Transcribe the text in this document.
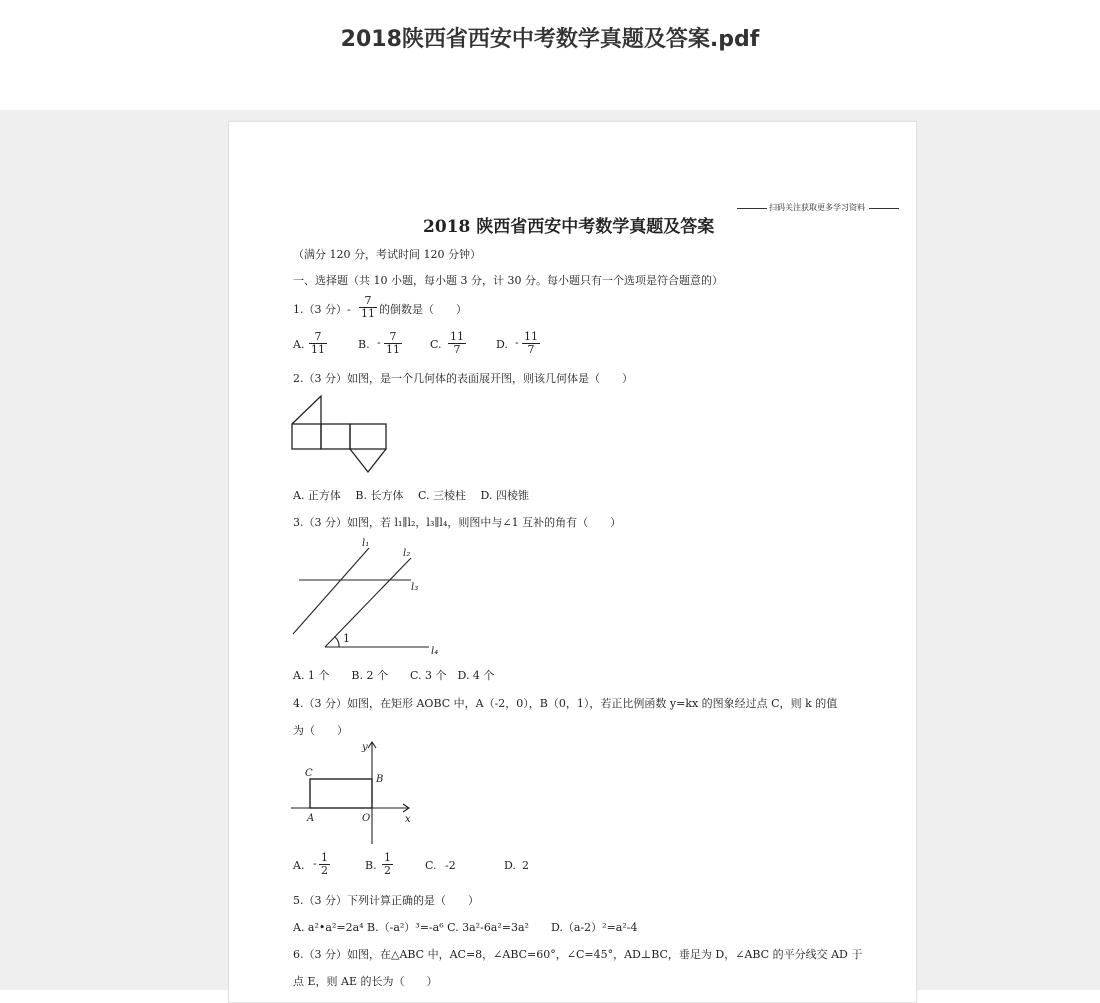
2018陕西省西安中考数学真题及答案.pdf
扫码关注获取更多学习资料
2018 陕西省西安中考数学真题及答案
（满分 120 分，考试时间 120 分钟）
一、选择题（共 10 小题，每小题 3 分，计 30 分。每小题只有一个选项是符合题意的）
1.（3 分）- $\frac{7}{11}$ 的倒数是（　　）
A. $\frac{7}{11}$	B. - $\frac{7}{11}$	C. $\frac{11}{7}$	D. - $\frac{11}{7}$
2.（3 分）如图，是一个几何体的表面展开图，则该几何体是（　　）
A. 正方体　 B. 长方体　 C. 三棱柱　 D. 四棱锥
3.（3 分）如图，若 l₁∥l₂，l₃∥l₄，则图中与∠1 互补的角有（　　）
l₁
l₂
l₃
1
l₄
A. 1 个　　B. 2 个　　C. 3 个　D. 4 个
4.（3 分）如图，在矩形 AOBC 中，A（-2，0），B（0，1），若正比例函数 y=kx 的图象经过点 C，则 k 的值
为（　　）
C
B
A	O	x
y
A. - $\frac{1}{2}$	B. $\frac{1}{2}$	C. -2	D. 2
5.（3 分）下列计算正确的是（　　）
A. a²•a²=2a⁴ B.（-a²）³=-a⁶ C. 3a²-6a²=3a²　　D.（a-2）²=a²-4
6.（3 分）如图，在△ABC 中，AC=8，∠ABC=60°，∠C=45°，AD⊥BC，垂足为 D，∠ABC 的平分线交 AD 于
点 E，则 AE 的长为（　　）
